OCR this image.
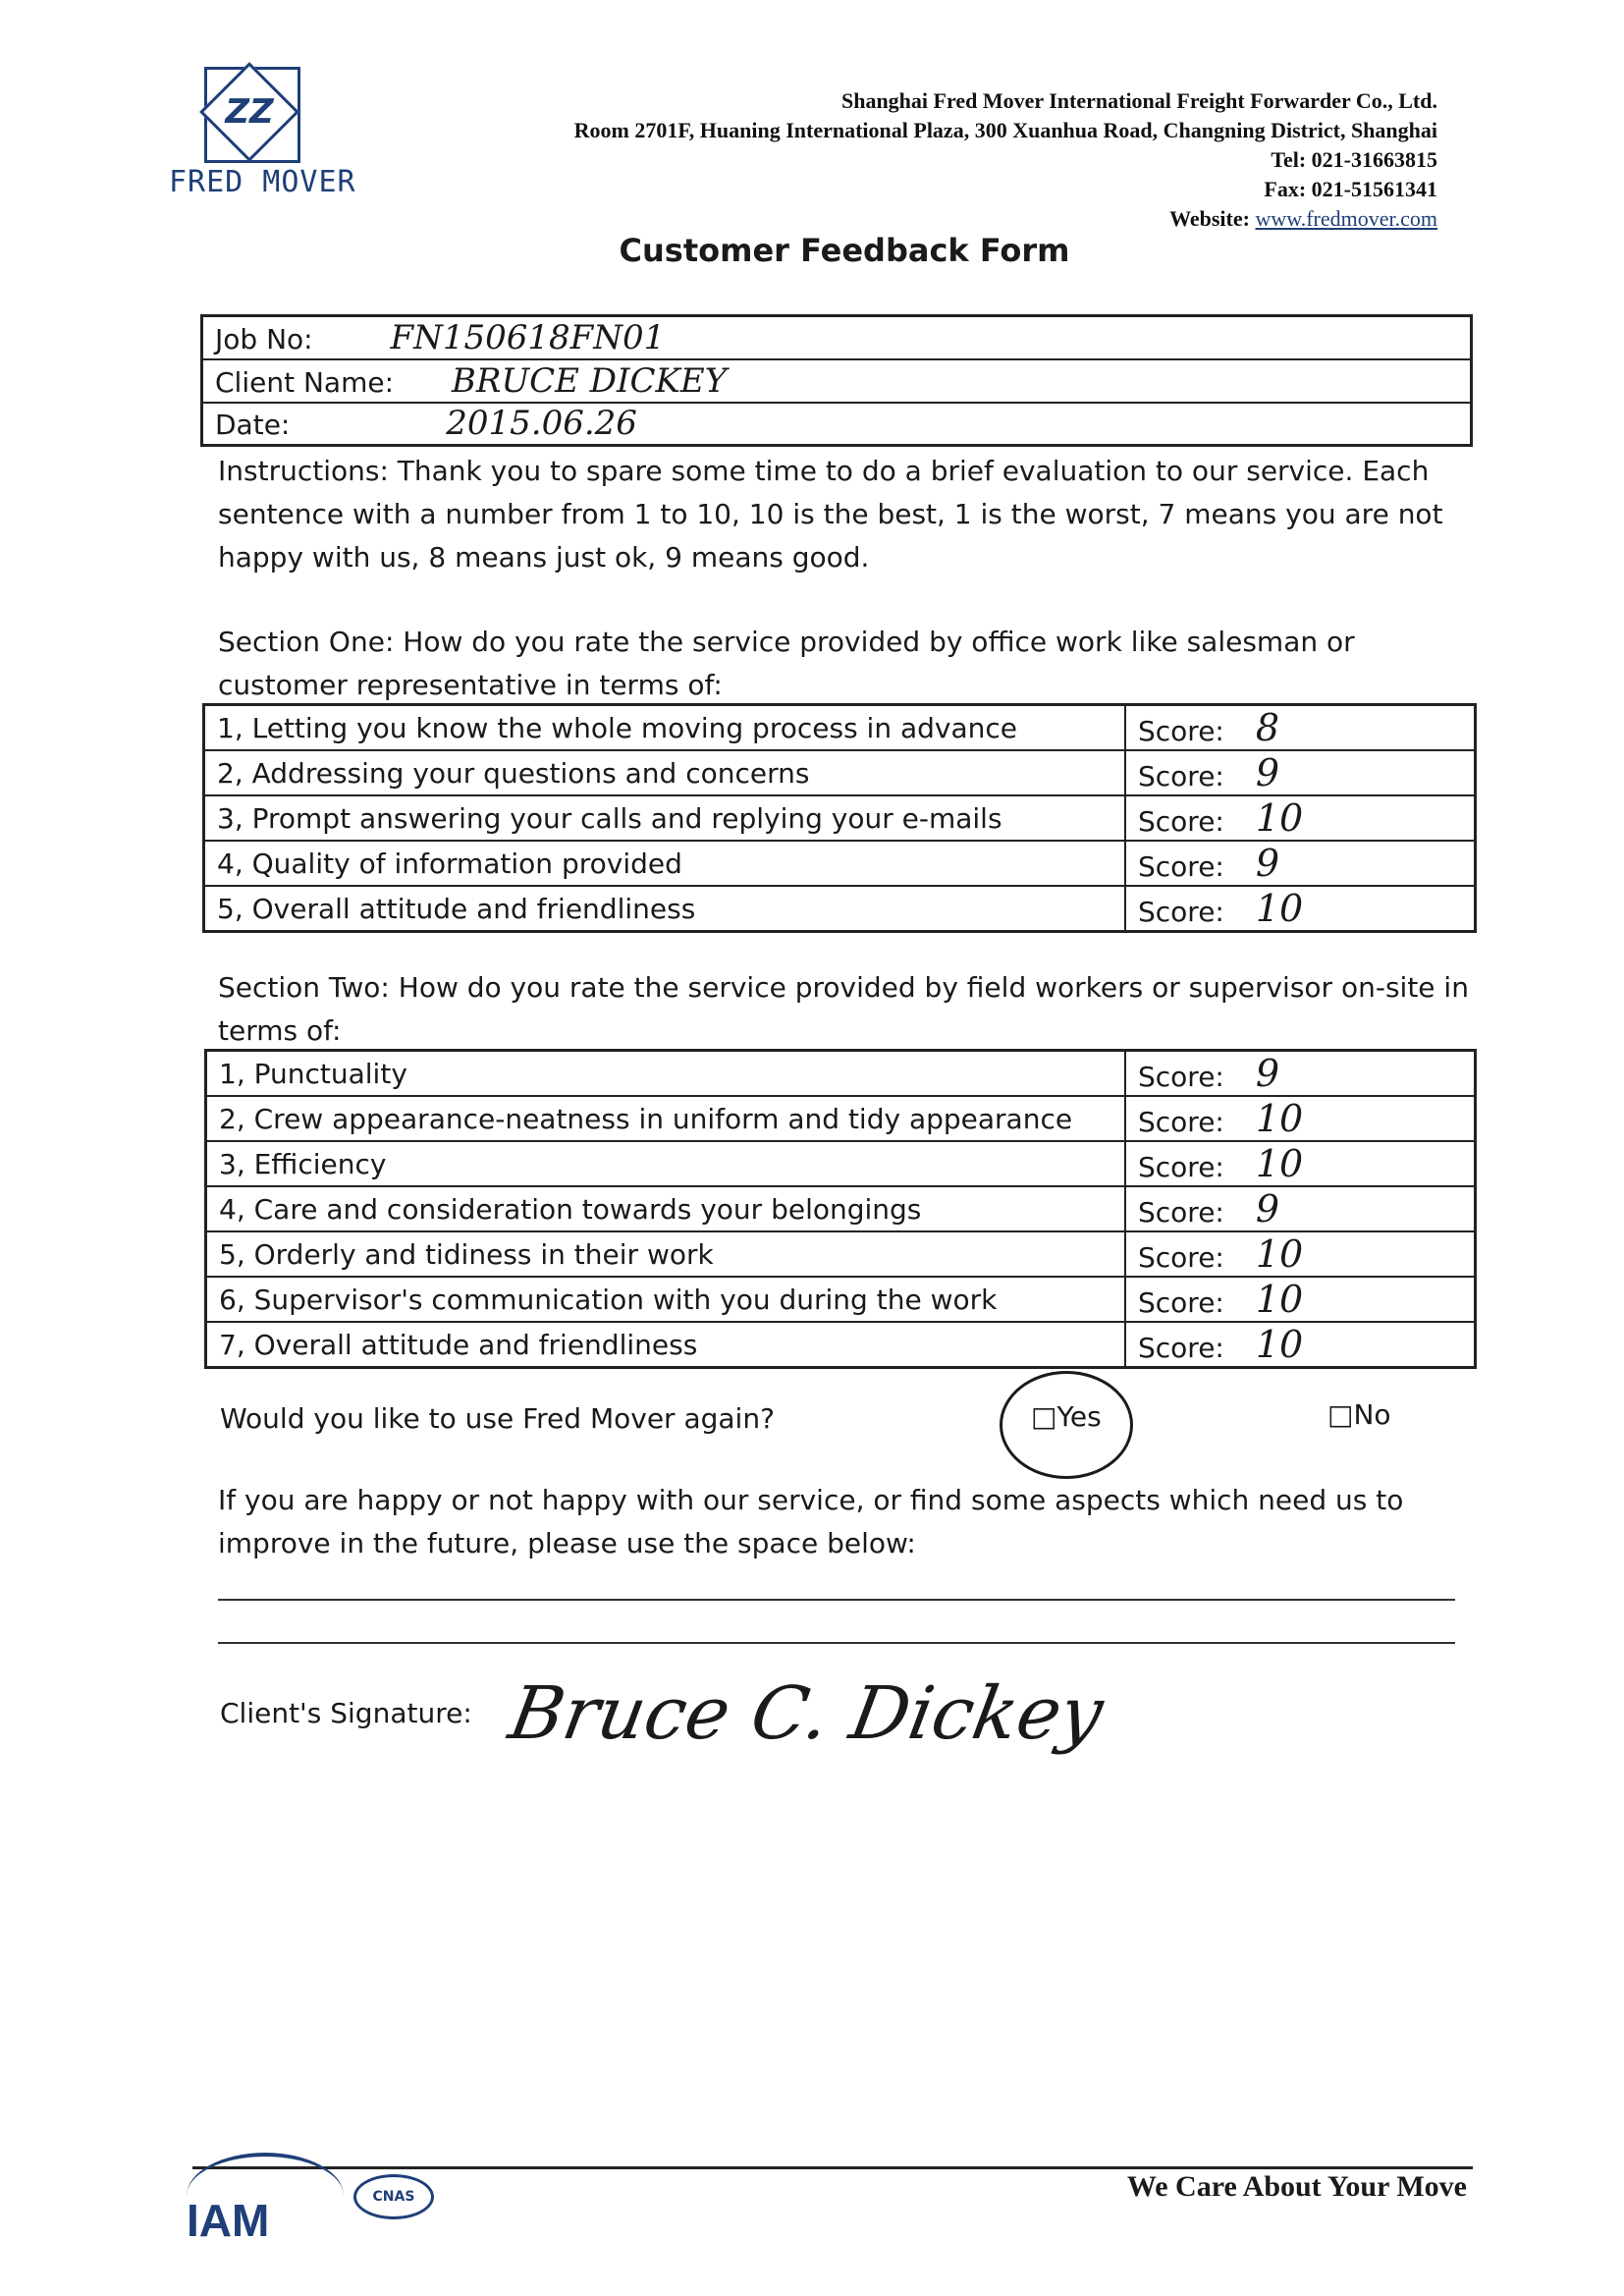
ZZ
FRED MOVER
Shanghai Fred Mover International Freight Forwarder Co., Ltd.
Room 2701F, Huaning International Plaza, 300 Xuanhua Road, Changning District, Shanghai
Tel: 021-31663815
Fax: 021-51561341
Website: www.fredmover.com
Customer Feedback Form
Job No: FN150618FN01
Client Name: BRUCE DICKEY
Date:	2015.06.26
Instructions: Thank you to spare some time to do a brief evaluation to our service. Each sentence with a number from 1 to 10, 10 is the best, 1 is the worst, 7 means you are not happy with us, 8 means just ok, 9 means good.
Section One: How do you rate the service provided by office work like salesman or customer representative in terms of:
1, Letting you know the whole moving process in advance	Score: 8
2, Addressing your questions and concerns	Score: 9
3, Prompt answering your calls and replying your e-mails	Score: 10
4, Quality of information provided	Score: 9
5, Overall attitude and friendliness	Score: 10
Section Two: How do you rate the service provided by field workers or supervisor on-site in terms of:
1, Punctuality	Score: 9
2, Crew appearance-neatness in uniform and tidy appearance	Score: 10
3, Efficiency	Score: 10
4, Care and consideration towards your belongings	Score: 9
5, Orderly and tidiness in their work	Score: 10
6, Supervisor's communication with you during the work	Score: 10
7, Overall attitude and friendliness	Score: 10
Would you like to use Fred Mover again?	□Yes	□No
If you are happy or not happy with our service, or find some aspects which need us to improve in the future, please use the space below:
Client's Signature: Bruce C. Dickey
We Care About Your Move
IAM	CNAS
